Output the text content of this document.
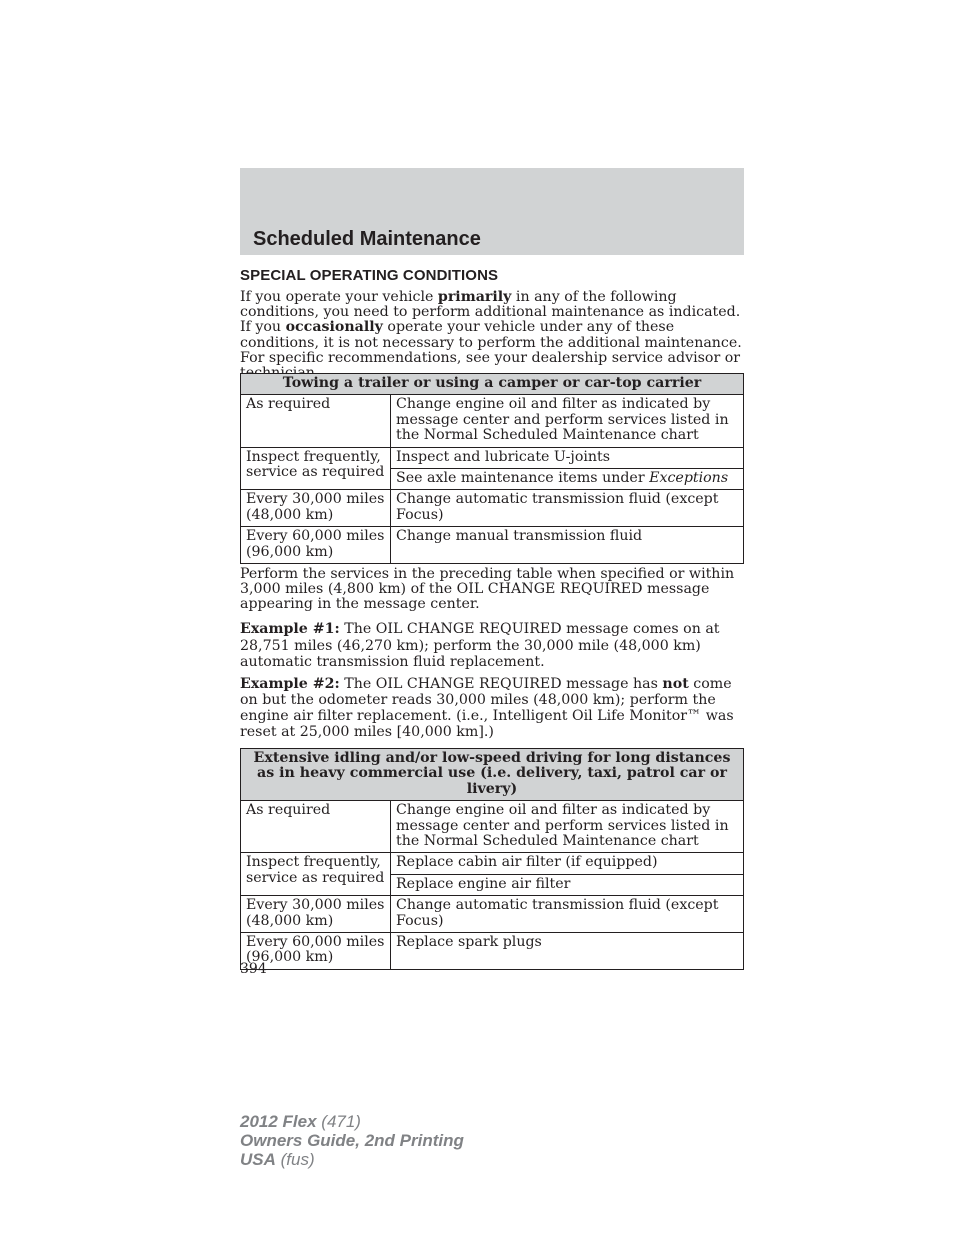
Scheduled Maintenance
SPECIAL OPERATING CONDITIONS

If you operate your vehicle primarily in any of the following conditions, you need to perform additional maintenance as indicated. If you occasionally operate your vehicle under any of these conditions, it is not necessary to perform the additional maintenance. For specific recommendations, see your dealership service advisor or

Towing a trailer or using a camper or car-top carrier	
As required	Change engine oil and filter as indicated by message center and perform services listed in the Normal Scheduled Maintenance chart
Inspect frequently, service as required	Inspect and lubricate U-joints
	See axle maintenance items under Exceptions
Every 30,000 miles (48,000 km)	Change automatic transmission fluid (except Focus)
Every 60,000 miles (96,000 km)	Change manual transmission fluid

Perform the services in the preceding table when specified or within 3,000 miles (4,800 km) of the OIL CHANGE REQUIRED message appearing in the message center.

Example #1: The OIL CHANGE REQUIRED message comes on at 28,751 miles (46,270 km); perform the 30,000 mile (48,000 km) automatic transmission fluid replacement.

Example #2: The OIL CHANGE REQUIRED message has not come on but the odometer reads 30,000 miles (48,000 km); perform the engine air filter replacement. (i.e., Intelligent Oil Life Monitor™ was reset at 25,000 miles [40,000 km].)

Extensive idling and/or low-speed driving for long distances as in heavy commercial use (i.e. delivery, taxi, patrol car or livery)	
As required	Change engine oil and filter as indicated by message center and perform services listed in the Normal Scheduled Maintenance chart
Inspect frequently, service as required	Replace cabin air filter (if equipped)
	Replace engine air filter
Every 30,000 miles (48,000 km)	Change automatic transmission fluid (except Focus)
Every 60,000 miles (96,000 km)	Replace spark plugs
394
2012 Flex (471)
Owners Guide, 2nd Printing
USA (fus)
